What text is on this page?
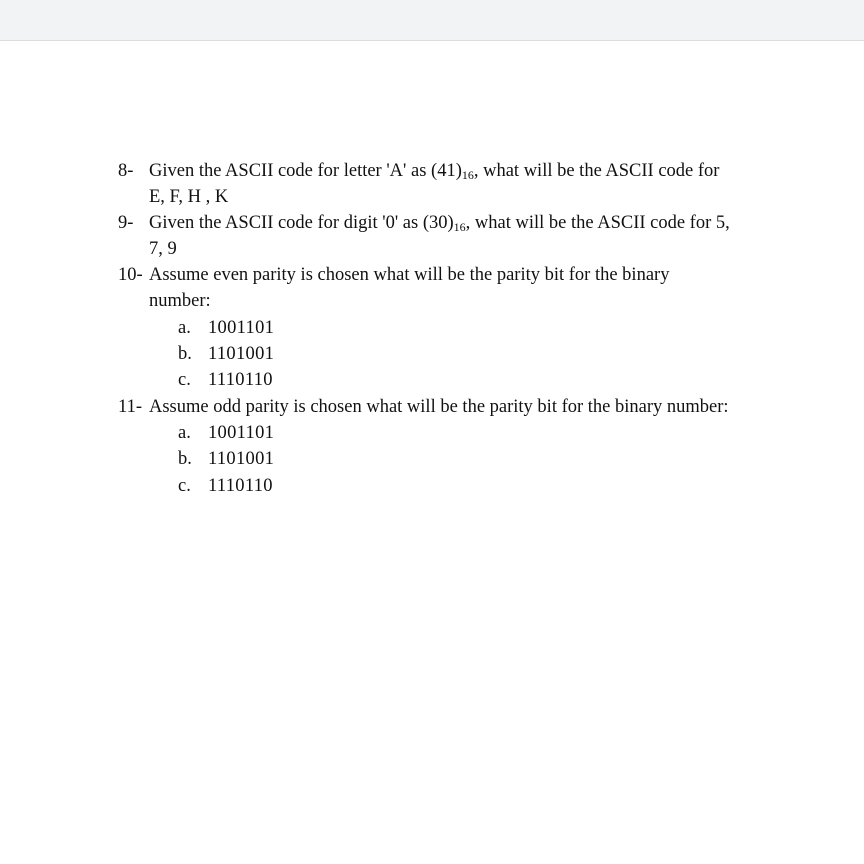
8- Given the ASCII code for letter 'A' as $(41)_{16}$, what will be the ASCII code for
E, F, H , K
9- Given the ASCII code for digit '0' as $(30)_{16}$, what will be the ASCII code for 5,
7, 9
10- Assume even parity is chosen what will be the parity bit for the binary
number:
a. 1001101
b. 1101001
c. 1110110
11- Assume odd parity is chosen what will be the parity bit for the binary number:
a. 1001101
b. 1101001
c. 1110110
